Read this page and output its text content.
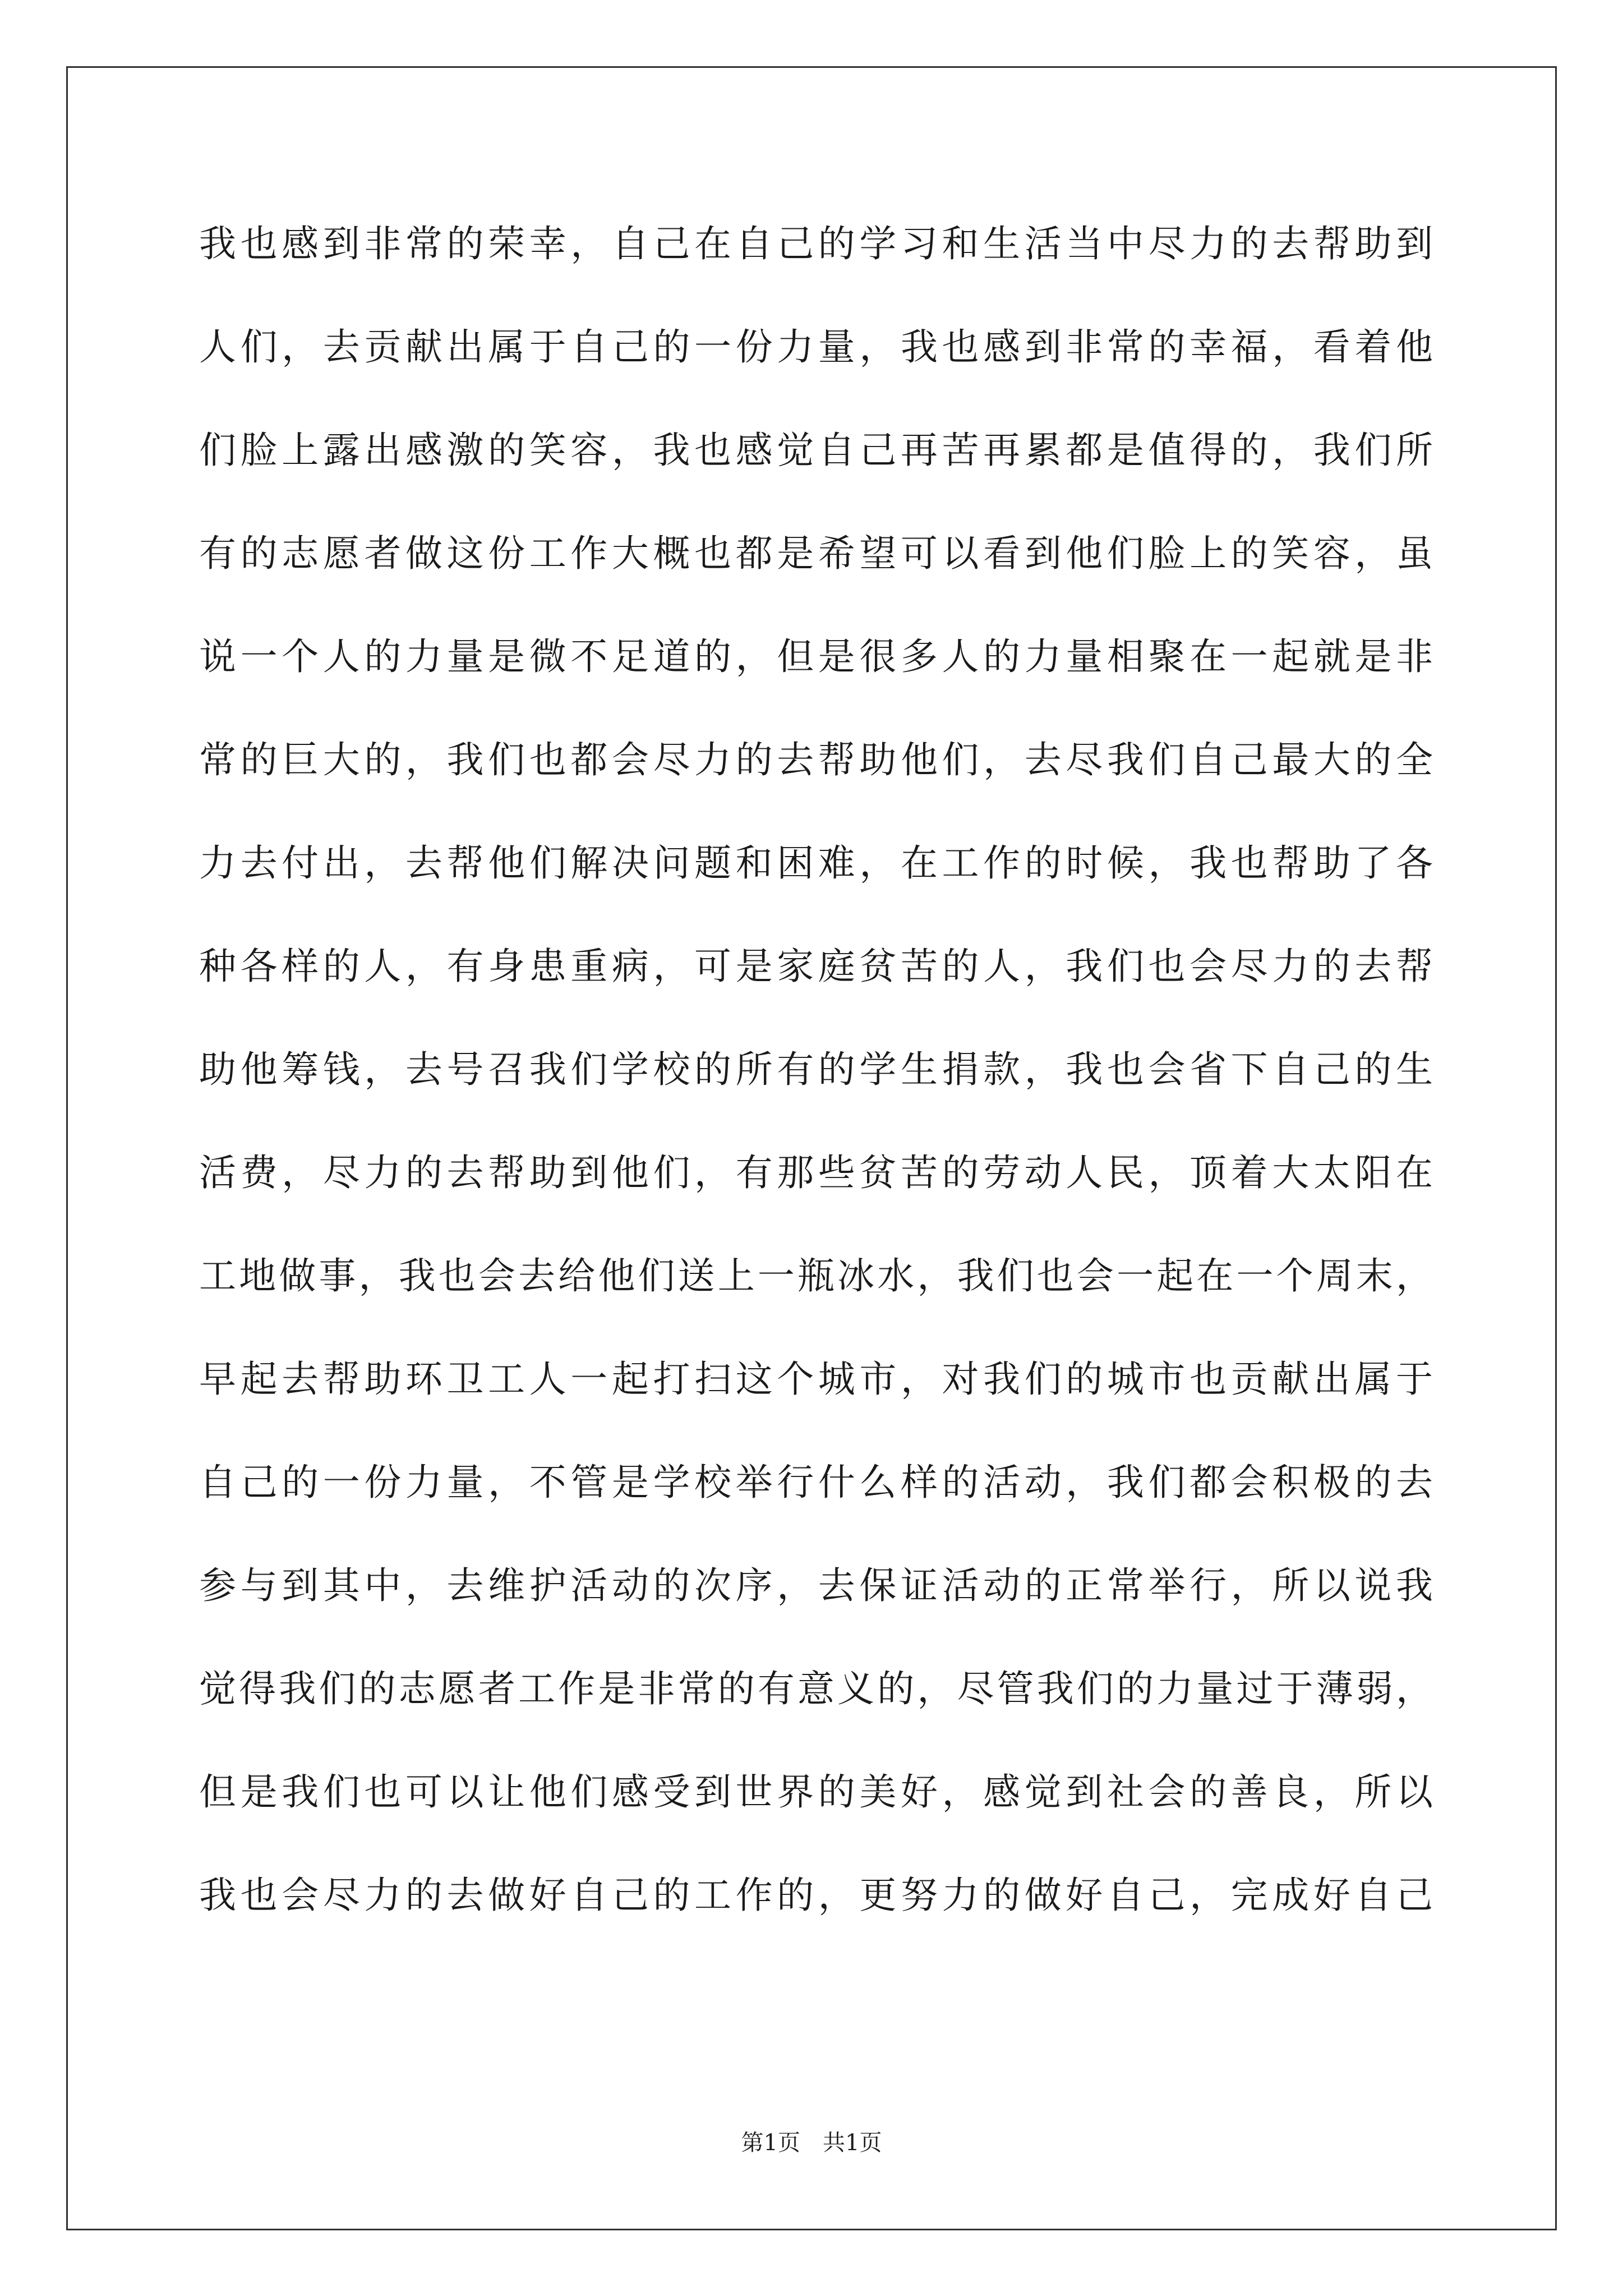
我也感到非常的荣幸，自己在自己的学习和生活当中尽力的去帮助到
人们，去贡献出属于自己的一份力量，我也感到非常的幸福，看着他
们脸上露出感激的笑容，我也感觉自己再苦再累都是值得的，我们所
有的志愿者做这份工作大概也都是希望可以看到他们脸上的笑容，虽
说一个人的力量是微不足道的，但是很多人的力量相聚在一起就是非
常的巨大的，我们也都会尽力的去帮助他们，去尽我们自己最大的全
力去付出，去帮他们解决问题和困难，在工作的时候，我也帮助了各
种各样的人，有身患重病，可是家庭贫苦的人，我们也会尽力的去帮
助他筹钱，去号召我们学校的所有的学生捐款，我也会省下自己的生
活费，尽力的去帮助到他们，有那些贫苦的劳动人民，顶着大太阳在
工地做事，我也会去给他们送上一瓶冰水，我们也会一起在一个周末，
早起去帮助环卫工人一起打扫这个城市，对我们的城市也贡献出属于
自己的一份力量，不管是学校举行什么样的活动，我们都会积极的去
参与到其中，去维护活动的次序，去保证活动的正常举行，所以说我
觉得我们的志愿者工作是非常的有意义的，尽管我们的力量过于薄弱，
但是我们也可以让他们感受到世界的美好，感觉到社会的善良，所以
我也会尽力的去做好自己的工作的，更努力的做好自己，完成好自己
第1页　共1页
